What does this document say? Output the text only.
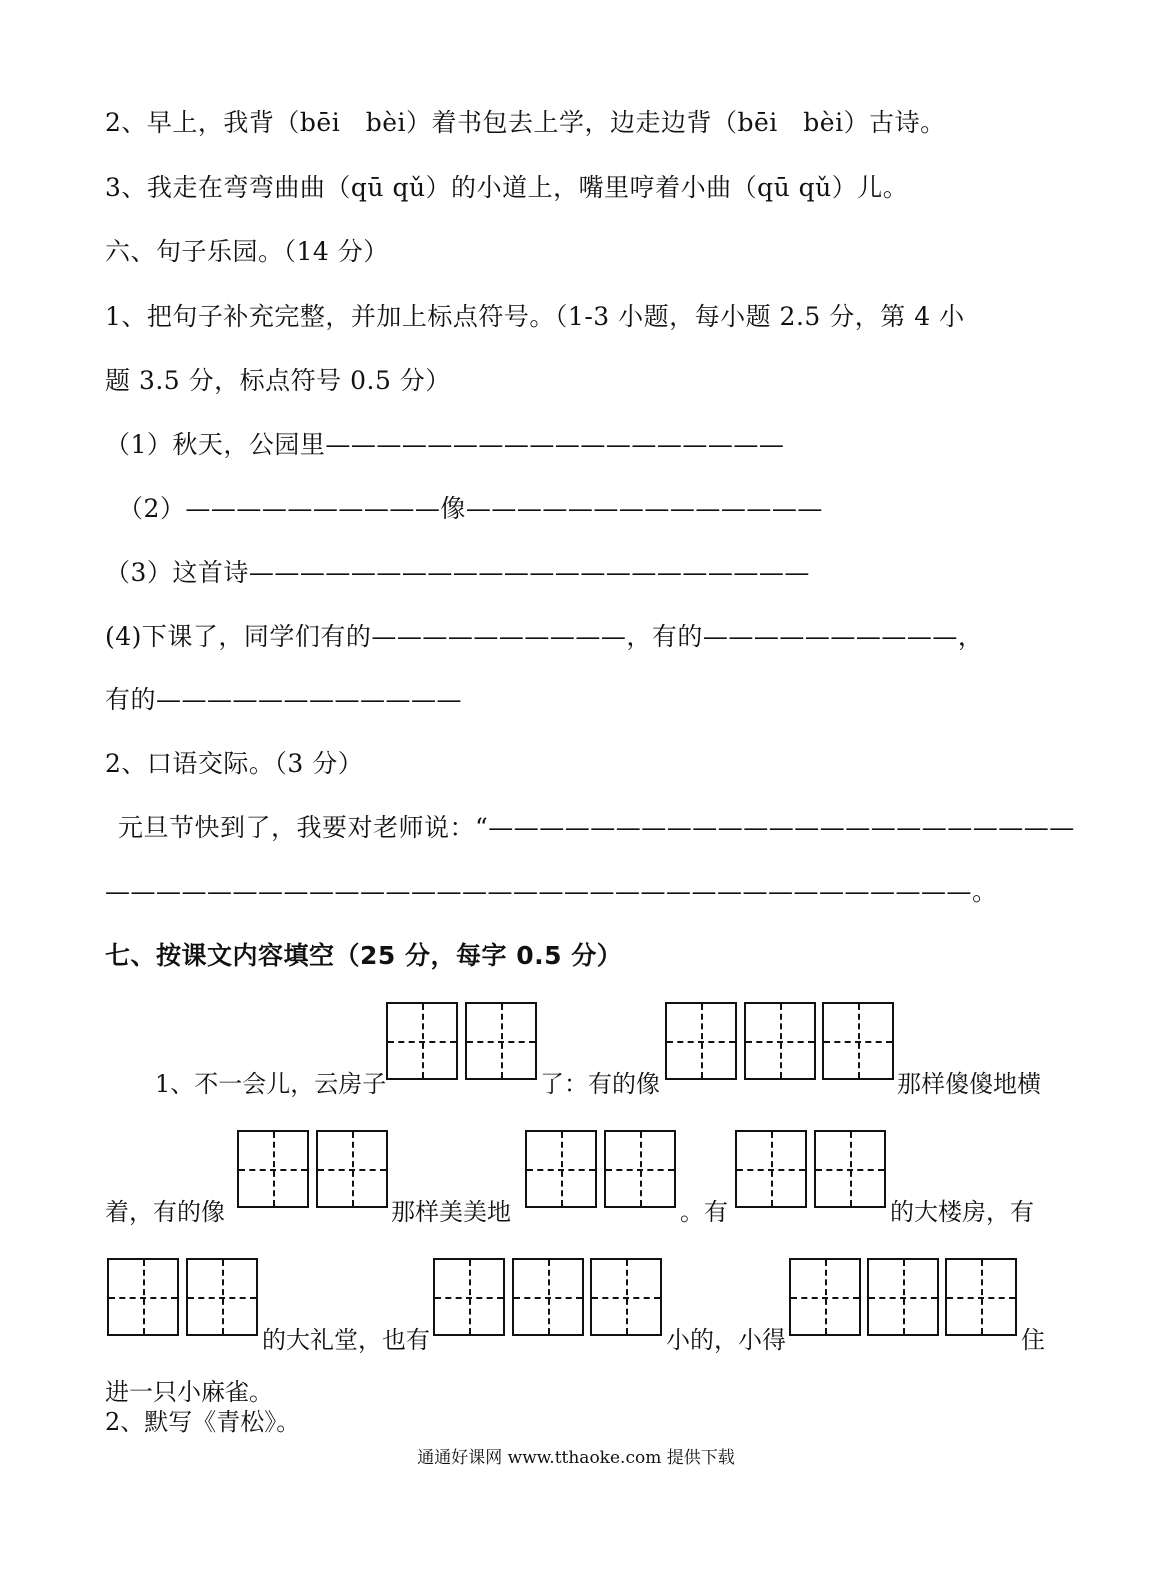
2、早上，我背（bēi　bèi）着书包去上学，边走边背（bēi　bèi）古诗。
3、我走在弯弯曲曲（qū qǔ）的小道上，嘴里哼着小曲（qū qǔ）儿。
六、句子乐园。（14 分）
1、把句子补充完整，并加上标点符号。（1-3 小题，每小题 2.5 分，第 4 小
题 3.5 分，标点符号 0.5 分）
（1）秋天，公园里——————————————————
（2）——————————像——————————————
（3）这首诗——————————————————————
(4)下课了，同学们有的——————————，有的——————————，
有的————————————
2、口语交际。（3 分）
元旦节快到了，我要对老师说：“———————————————————————
——————————————————————————————————。
七、按课文内容填空（25 分，每字 0.5 分）
1、不一会儿，云房子	了：有的像	那样傻傻地横
着，有的像	那样美美地	。有	的大楼房，有
的大礼堂，也有	小的，小得	住
进一只小麻雀。
2、默写《青松》。
通通好课网 www.tthaoke.com 提供下载
